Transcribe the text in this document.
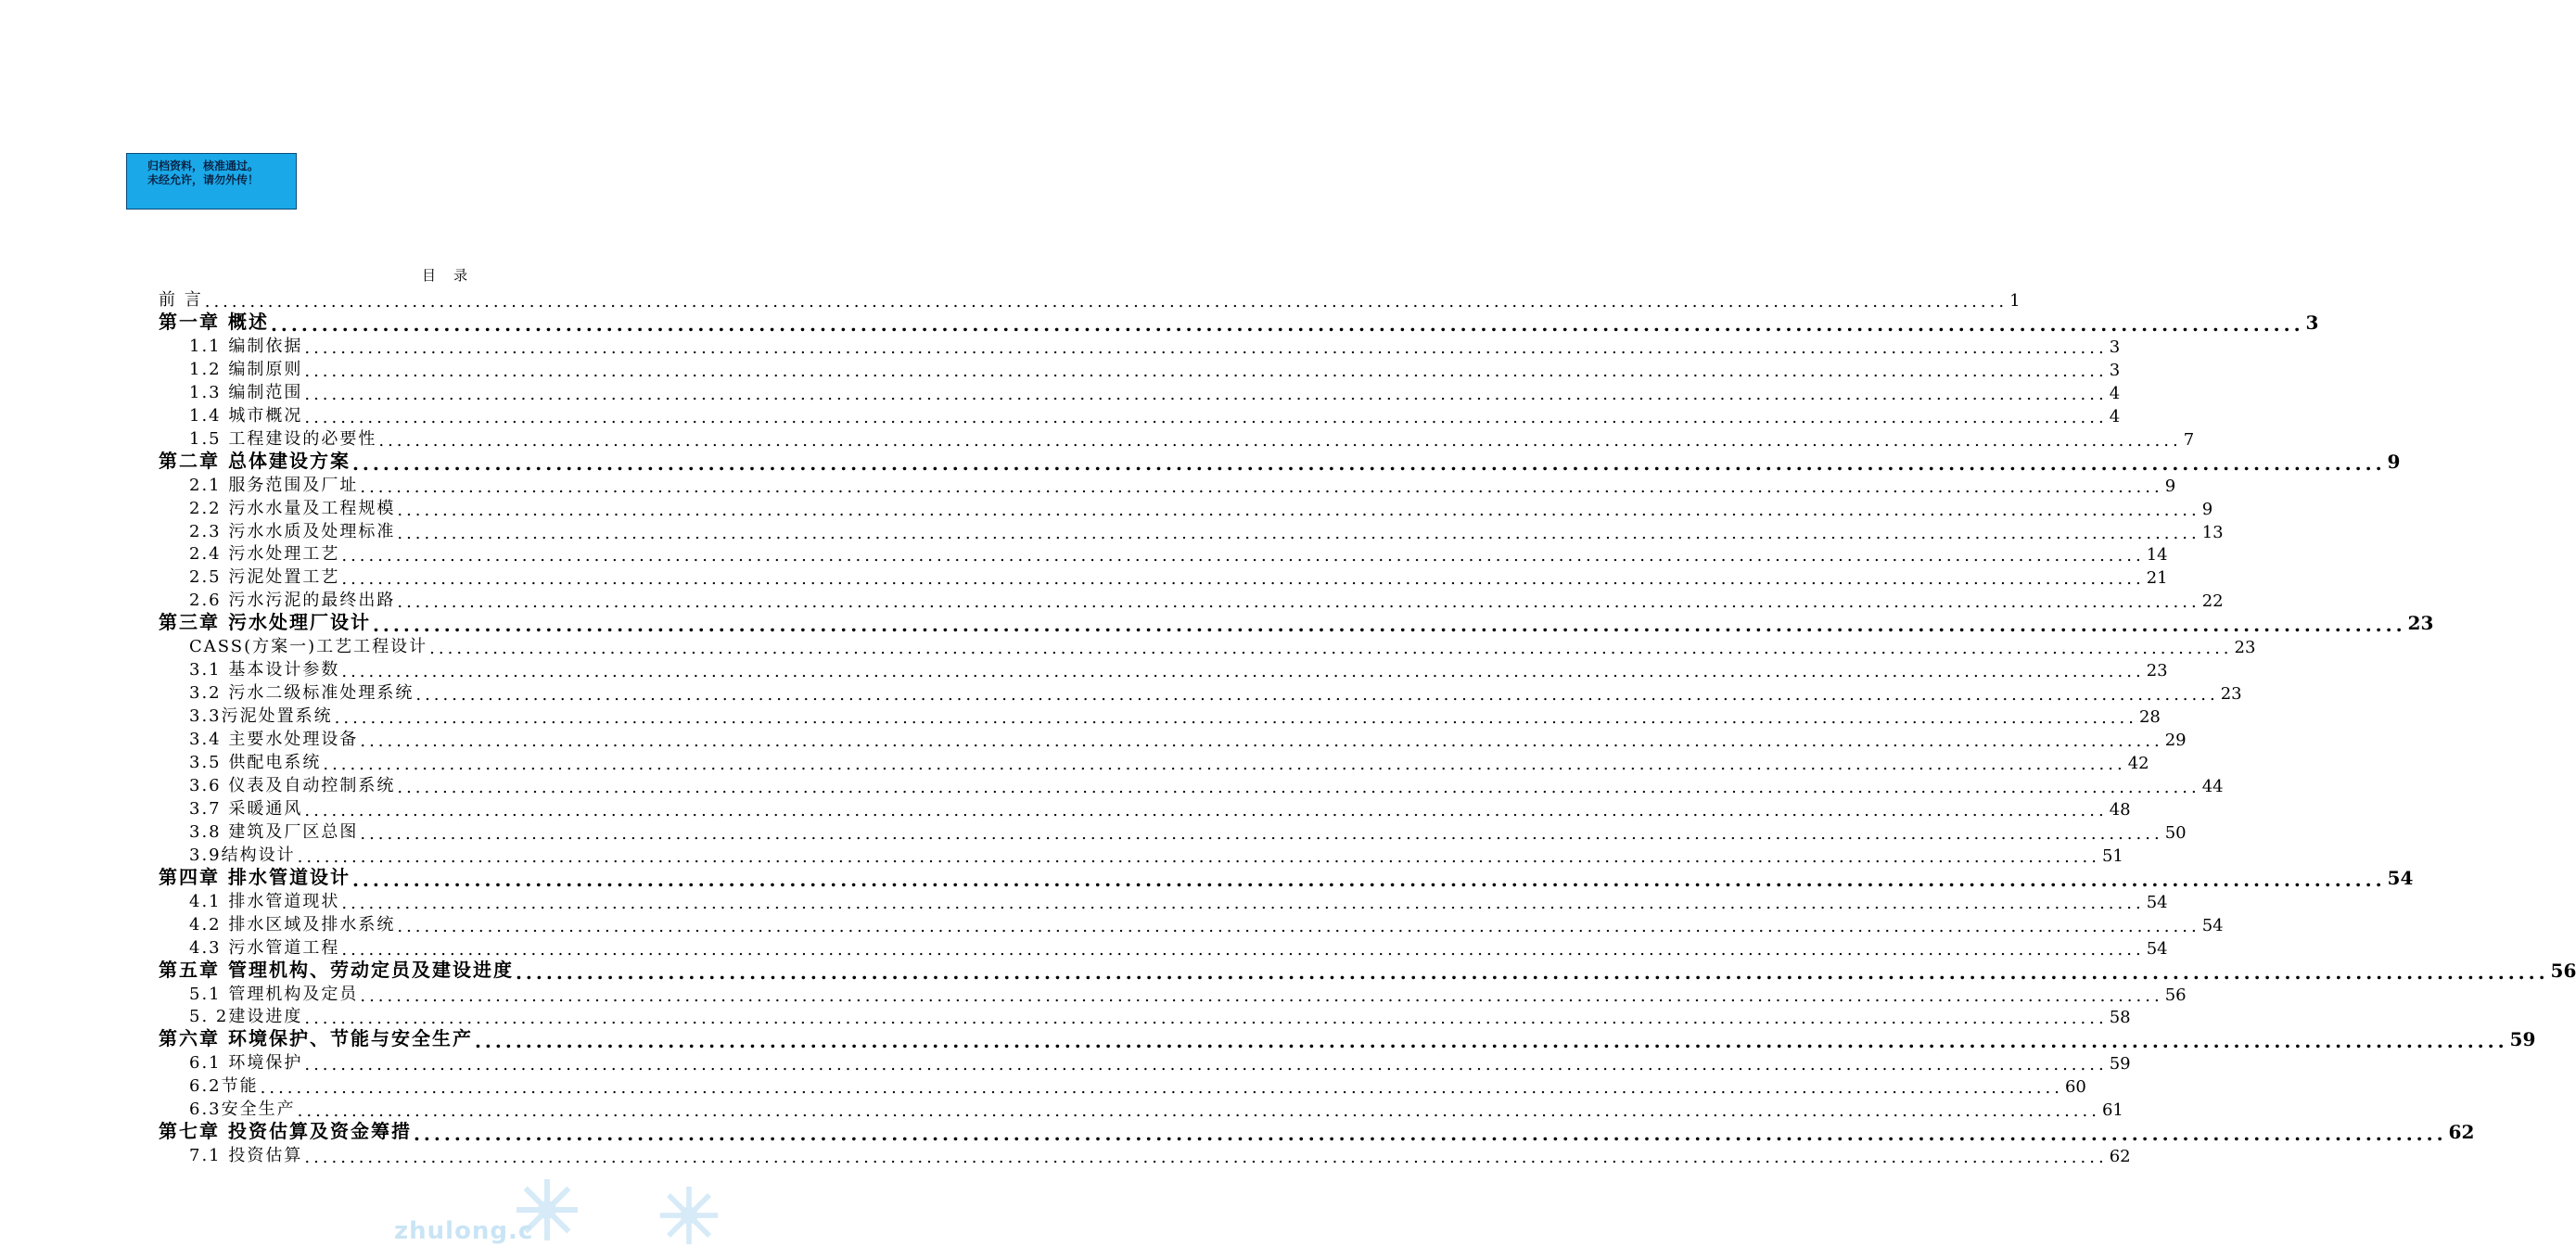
归档资料，核准通过。
未经允许，请勿外传！
目    录
前 言 ........................................................................................................................................................................................................ 1
第一章 概述 ........................................................................................................................................................................................................ 3
1.1 编制依据 ........................................................................................................................................................................................................ 3
1.2 编制原则 ........................................................................................................................................................................................................ 3
1.3 编制范围 ........................................................................................................................................................................................................ 4
1.4 城市概况 ........................................................................................................................................................................................................ 4
1.5 工程建设的必要性 ........................................................................................................................................................................................................ 7
第二章 总体建设方案 ........................................................................................................................................................................................................ 9
2.1 服务范围及厂址 ........................................................................................................................................................................................................ 9
2.2 污水水量及工程规模 ........................................................................................................................................................................................................ 9
2.3 污水水质及处理标准 ........................................................................................................................................................................................................ 13
2.4 污水处理工艺 ........................................................................................................................................................................................................ 14
2.5 污泥处置工艺 ........................................................................................................................................................................................................ 21
2.6 污水污泥的最终出路 ........................................................................................................................................................................................................ 22
第三章 污水处理厂设计 ........................................................................................................................................................................................................ 23
CASS(方案一)工艺工程设计 ........................................................................................................................................................................................................ 23
3.1 基本设计参数 ........................................................................................................................................................................................................ 23
3.2 污水二级标准处理系统 ........................................................................................................................................................................................................ 23
3.3污泥处置系统 ........................................................................................................................................................................................................ 28
3.4 主要水处理设备 ........................................................................................................................................................................................................ 29
3.5 供配电系统 ........................................................................................................................................................................................................ 42
3.6 仪表及自动控制系统 ........................................................................................................................................................................................................ 44
3.7 采暖通风 ........................................................................................................................................................................................................ 48
3.8 建筑及厂区总图 ........................................................................................................................................................................................................ 50
3.9结构设计 ........................................................................................................................................................................................................ 51
第四章 排水管道设计 ........................................................................................................................................................................................................ 54
4.1 排水管道现状 ........................................................................................................................................................................................................ 54
4.2 排水区域及排水系统 ........................................................................................................................................................................................................ 54
4.3 污水管道工程 ........................................................................................................................................................................................................ 54
第五章 管理机构、劳动定员及建设进度 ........................................................................................................................................................................................................ 56
5.1 管理机构及定员 ........................................................................................................................................................................................................ 56
5. 2建设进度 ........................................................................................................................................................................................................ 58
第六章 环境保护、节能与安全生产 ........................................................................................................................................................................................................ 59
6.1 环境保护 ........................................................................................................................................................................................................ 59
6.2节能 ........................................................................................................................................................................................................ 60
6.3安全生产 ........................................................................................................................................................................................................ 61
第七章 投资估算及资金筹措 ........................................................................................................................................................................................................ 62
7.1 投资估算 ........................................................................................................................................................................................................ 62
zhulong.c
